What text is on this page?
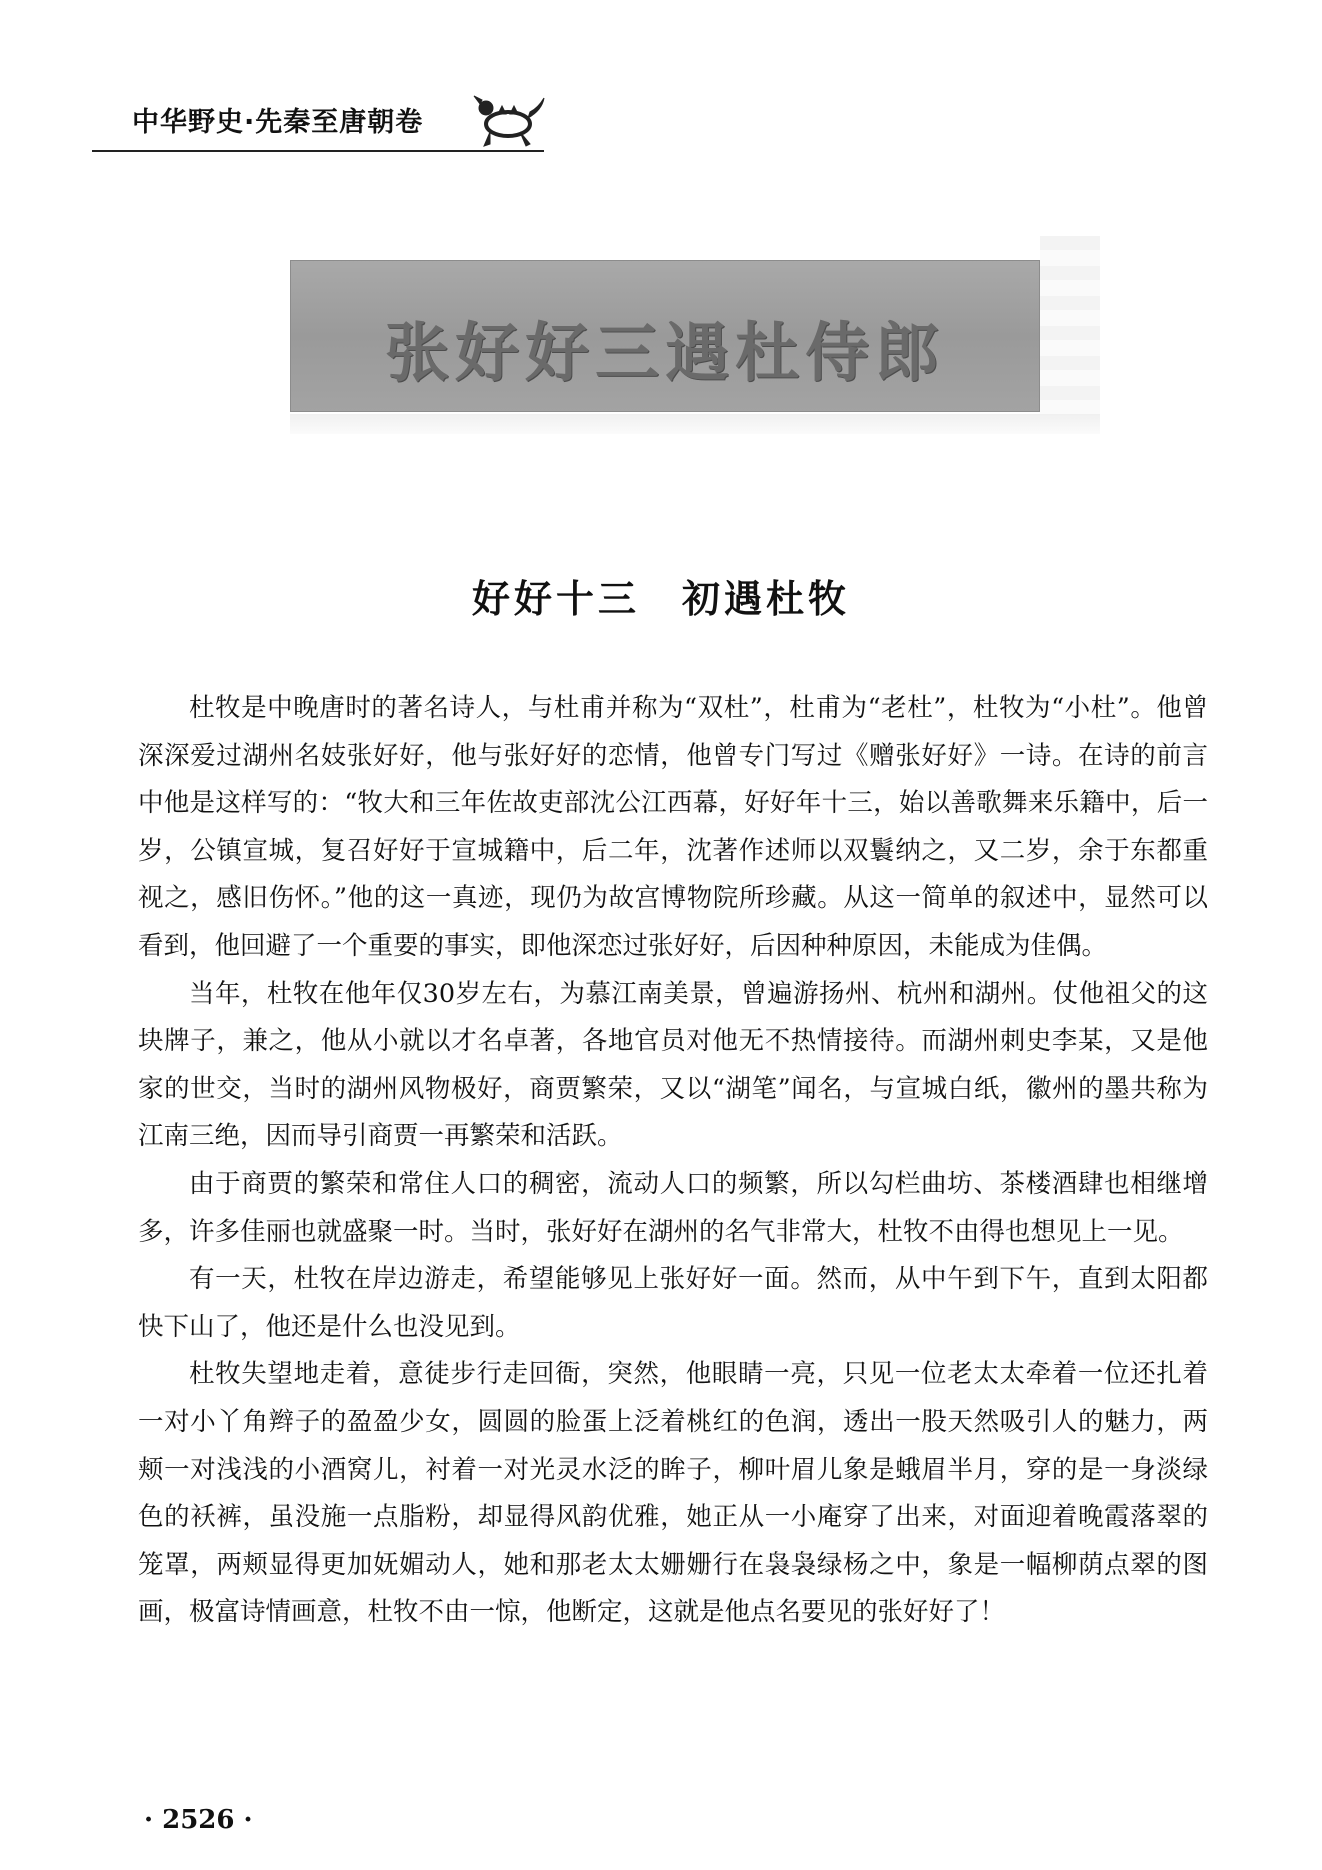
中华野史·先秦至唐朝卷
张好好三遇杜侍郎
好好十三　初遇杜牧

杜牧是中晚唐时的著名诗人，与杜甫并称为“双杜”，杜甫为“老杜”，杜牧为“小杜”。他曾深深爱过湖州名妓张好好，他与张好好的恋情，他曾专门写过《赠张好好》一诗。在诗的前言中他是这样写的：“牧大和三年佐故吏部沈公江西幕，好好年十三，始以善歌舞来乐籍中，后一岁，公镇宣城，复召好好于宣城籍中，后二年，沈著作述师以双鬟纳之，又二岁，余于东都重视之，感旧伤怀。”他的这一真迹，现仍为故宫博物院所珍藏。从这一简单的叙述中，显然可以看到，他回避了一个重要的事实，即他深恋过张好好，后因种种原因，未能成为佳偶。

当年，杜牧在他年仅30岁左右，为慕江南美景，曾遍游扬州、杭州和湖州。仗他祖父的这块牌子，兼之，他从小就以才名卓著，各地官员对他无不热情接待。而湖州刺史李某，又是他家的世交，当时的湖州风物极好，商贾繁荣，又以“湖笔”闻名，与宣城白纸，徽州的墨共称为江南三绝，因而导引商贾一再繁荣和活跃。

由于商贾的繁荣和常住人口的稠密，流动人口的频繁，所以勾栏曲坊、茶楼酒肆也相继增多，许多佳丽也就盛聚一时。当时，张好好在湖州的名气非常大，杜牧不由得也想见上一见。

有一天，杜牧在岸边游走，希望能够见上张好好一面。然而，从中午到下午，直到太阳都快下山了，他还是什么也没见到。

杜牧失望地走着，意徒步行走回衙，突然，他眼睛一亮，只见一位老太太牵着一位还扎着一对小丫角辫子的盈盈少女，圆圆的脸蛋上泛着桃红的色润，透出一股天然吸引人的魅力，两颊一对浅浅的小酒窝儿，衬着一对光灵水泛的眸子，柳叶眉儿象是蛾眉半月，穿的是一身淡绿色的袄裤，虽没施一点脂粉，却显得风韵优雅，她正从一小庵穿了出来，对面迎着晚霞落翠的笼罩，两颊显得更加妩媚动人，她和那老太太姗姗行在袅袅绿杨之中，象是一幅柳荫点翠的图画，极富诗情画意，杜牧不由一惊，他断定，这就是他点名要见的张好好了！

· 2526 ·
